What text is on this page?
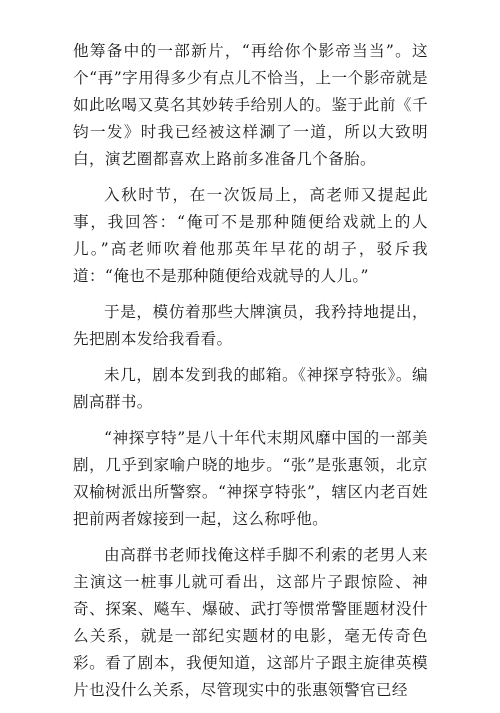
他筹备中的一部新片，“再给你个影帝当当”。这个“再”字用得多少有点儿不恰当，上一个影帝就是如此吆喝又莫名其妙转手给别人的。鉴于此前《千钧一发》时我已经被这样涮了一道，所以大致明白，演艺圈都喜欢上路前多准备几个备胎。

入秋时节，在一次饭局上，高老师又提起此事，我回答：“俺可不是那种随便给戏就上的人儿。”高老师吹着他那英年早花的胡子，驳斥我道：“俺也不是那种随便给戏就导的人儿。”

于是，模仿着那些大牌演员，我矜持地提出，先把剧本发给我看看。

未几，剧本发到我的邮箱。《神探亨特张》。编剧高群书。

“神探亨特”是八十年代末期风靡中国的一部美剧，几乎到家喻户晓的地步。“张”是张惠领，北京双榆树派出所警察。“神探亨特张”，辖区内老百姓把前两者嫁接到一起，这么称呼他。

由高群书老师找俺这样手脚不利索的老男人来主演这一桩事儿就可看出，这部片子跟惊险、神奇、探案、飚车、爆破、武打等惯常警匪题材没什么关系，就是一部纪实题材的电影，毫无传奇色彩。看了剧本，我便知道，这部片子跟主旋律英模片也没什么关系，尽管现实中的张惠领警官已经
